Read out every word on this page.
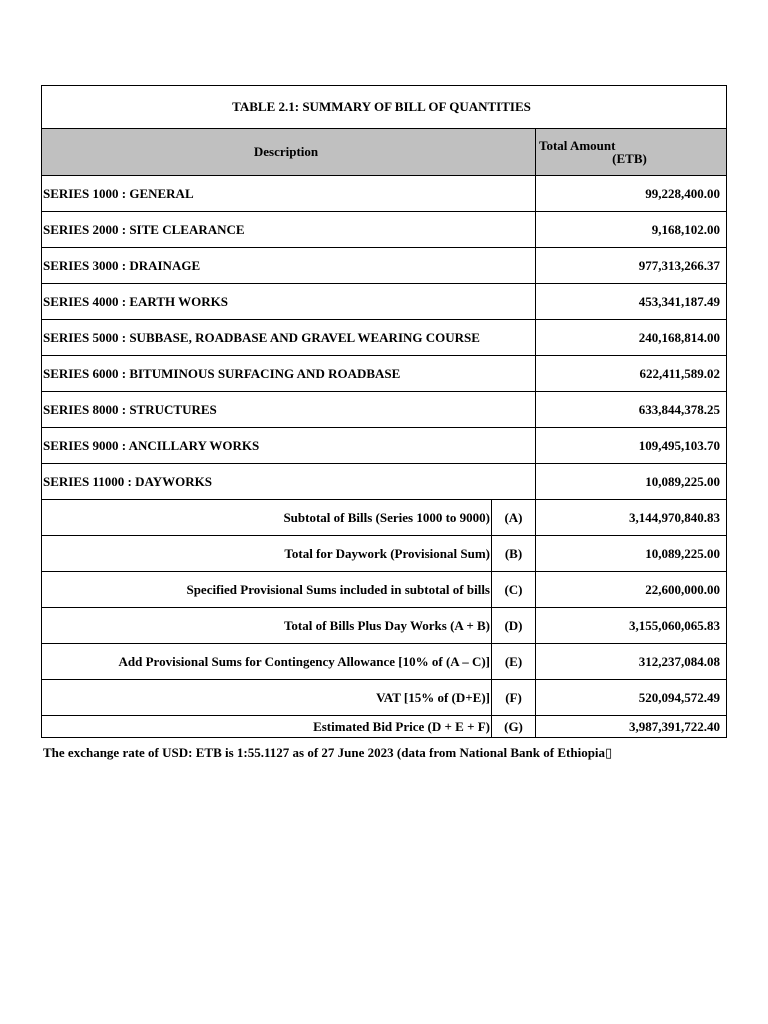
TABLE 2.1: SUMMARY OF BILL OF QUANTITIES		
Description		Total Amount
(ETB)

SERIES 1000 : GENERAL		99,228,400.00
SERIES 2000 : SITE CLEARANCE		9,168,102.00
SERIES 3000 : DRAINAGE		977,313,266.37
SERIES 4000 : EARTH WORKS		453,341,187.49
SERIES 5000 : SUBBASE, ROADBASE AND GRAVEL WEARING COURSE		240,168,814.00
SERIES 6000 : BITUMINOUS SURFACING AND ROADBASE		622,411,589.02
SERIES 8000 : STRUCTURES		633,844,378.25
SERIES 9000 : ANCILLARY WORKS		109,495,103.70
SERIES 11000 : DAYWORKS		10,089,225.00
Subtotal of Bills (Series 1000 to 9000)	(A)	3,144,970,840.83
Total for Daywork (Provisional Sum)	(B)	10,089,225.00
Specified Provisional Sums included in subtotal of bills	(C)	22,600,000.00
Total of Bills Plus Day Works (A + B)	(D)	3,155,060,065.83
Add Provisional Sums for Contingency Allowance [10% of (A – C)]	(E)	312,237,084.08
VAT [15% of (D+E)]	(F)	520,094,572.49
Estimated Bid Price (D + E + F)	(G)	3,987,391,722.40
The exchange rate of USD: ETB is 1:55.1127 as of 27 June 2023 (data from National Bank of Ethiopia▯
